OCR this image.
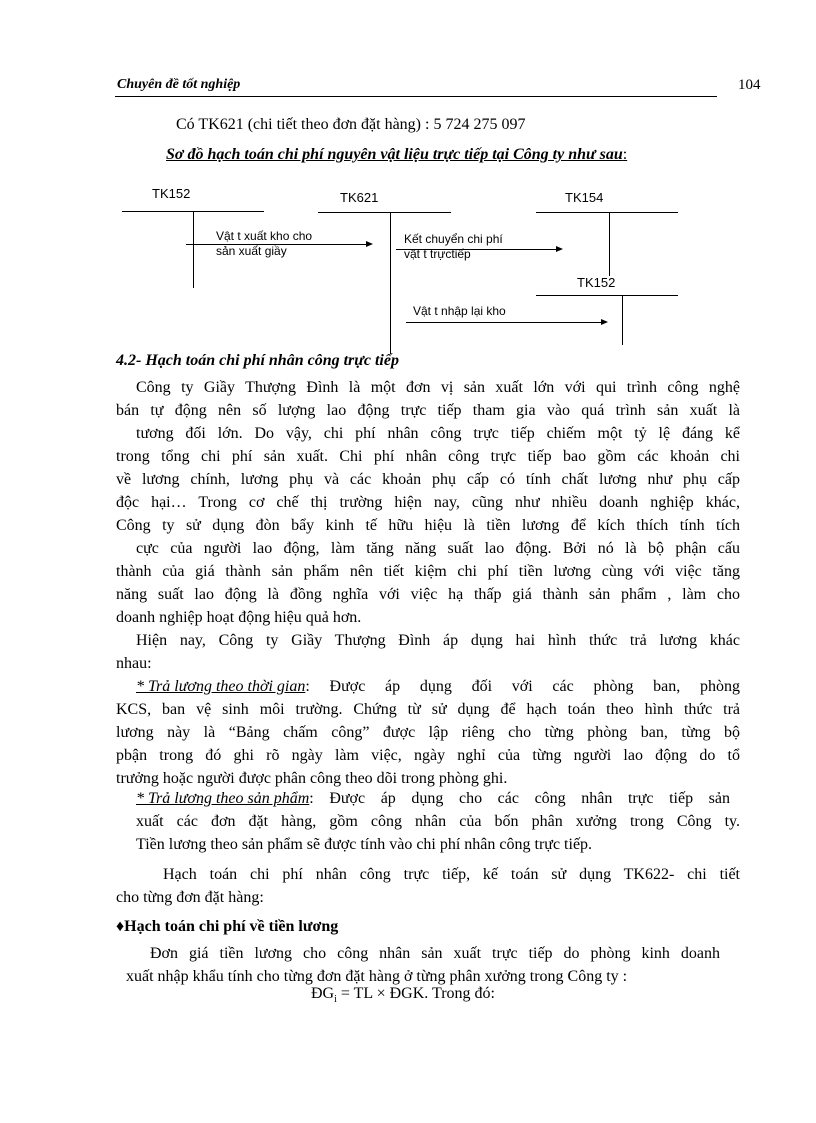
Chuyên đề tốt nghiệp	104
Có TK621 (chi tiết theo đơn đặt hàng) : 5 724 275 097
Sơ đồ hạch toán chi phí nguyên vật liệu trực tiếp tại Công ty như sau:
TK152	TK621	TK154
TK152
Vật t xuất kho cho
sản xuất giầy
Kết chuyển chi phí
vật t trựctiếp
Vật t nhập lại kho
4.2- Hạch toán chi phí nhân công trực tiếp
Công ty Giầy Thượng Đình là một đơn vị sản xuất lớn với qui trình công nghệ
bán tự động nên số lượng lao động trực tiếp tham gia vào quá trình sản xuất là
tương đối lớn. Do vậy, chi phí nhân công trực tiếp chiếm một tỷ lệ đáng kể
trong tổng chi phí sản xuất. Chi phí nhân công trực tiếp bao gồm các khoản chi
về lương chính, lương phụ và các khoản phụ cấp có tính chất lương như phụ cấp
độc hại… Trong cơ chế thị trường hiện nay, cũng như nhiều doanh nghiệp khác,
Công ty sử dụng đòn bẩy kinh tế hữu hiệu là tiền lương để kích thích tính tích
cực của người lao động, làm tăng năng suất lao động. Bởi nó là bộ phận cấu
thành của giá thành sản phẩm nên tiết kiệm chi phí tiền lương cùng với việc tăng
năng suất lao động là đồng nghĩa với việc hạ thấp giá thành sản phẩm , làm cho
doanh nghiệp hoạt động hiệu quả hơn.
Hiện nay, Công ty Giầy Thượng Đình áp dụng hai hình thức trả lương khác
nhau:
* Trả lương theo thời gian : Được áp dụng đối với các phòng ban, phòng
KCS, ban vệ sinh môi trường. Chứng từ sử dụng để hạch toán theo hình thức trả
lương này là “Bảng chấm công” được lập riêng cho từng phòng ban, từng bộ
pbận trong đó ghi rõ ngày làm việc, ngày nghỉ của từng người lao động do tổ
trưởng hoặc người được phân công theo dõi trong phòng ghi.
* Trả lương theo sản phẩm : Được áp dụng cho các công nhân trực tiếp sản
xuất các đơn đặt hàng, gồm công nhân của bốn phân xưởng trong Công ty.
Tiền lương theo sản phẩm sẽ được tính vào chi phí nhân công trực tiếp.
Hạch toán chi phí nhân công trực tiếp, kế toán sử dụng TK622- chi tiết
cho từng đơn đặt hàng:
♦Hạch toán chi phí về tiền lương
Đơn giá tiền lương cho công nhân sản xuất trực tiếp do phòng kinh doanh
xuất nhập khẩu tính cho từng đơn đặt hàng ở từng phân xưởng trong Công ty :
$ĐG_i$ = TL × ĐGK. Trong đó:
